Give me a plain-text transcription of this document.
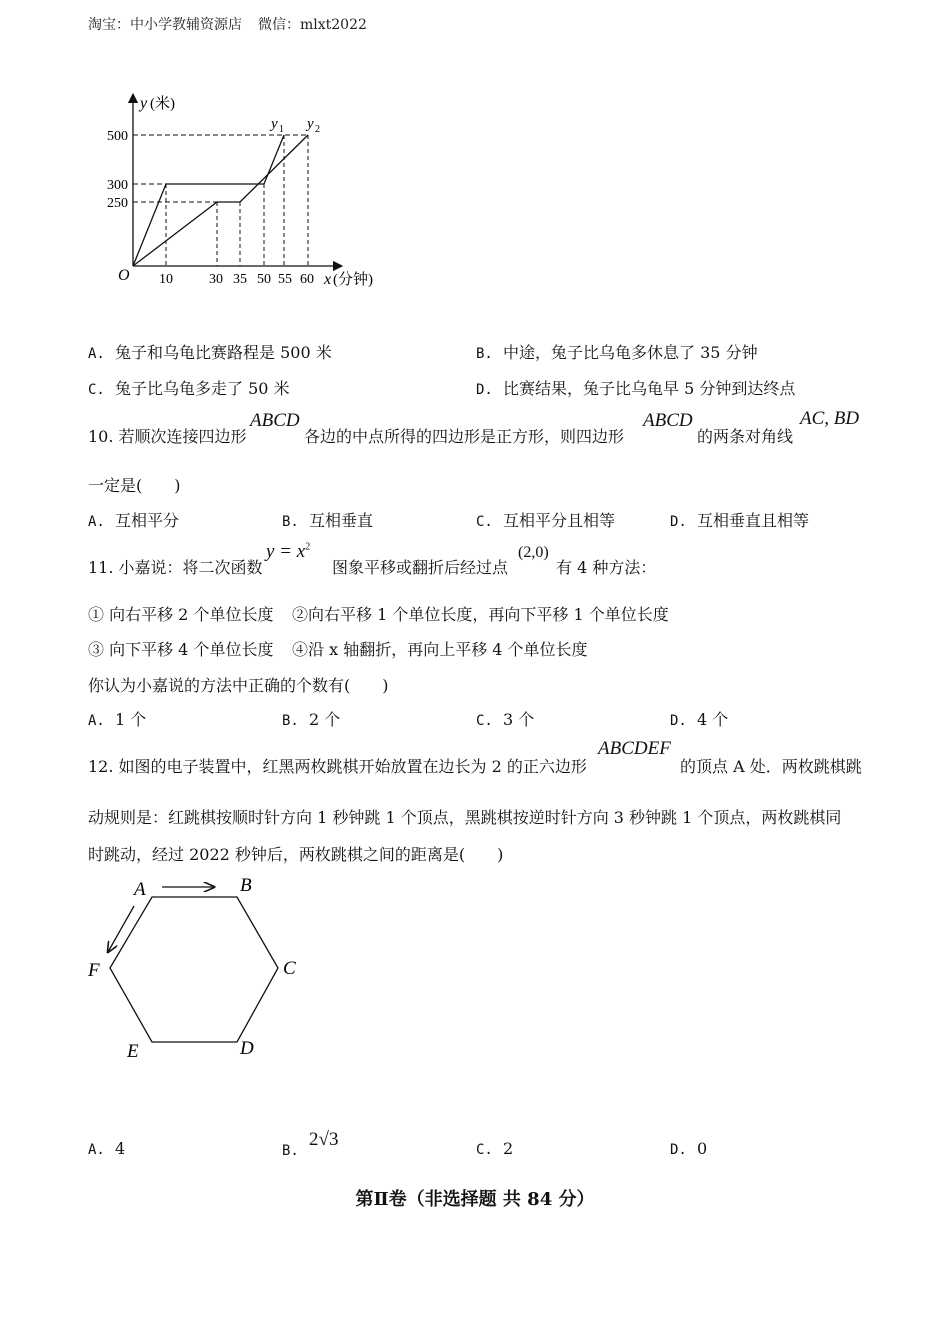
淘宝：中小学教辅资源店 微信：mlxt2022
y (米)
x (分钟)
O
500
300
250
10	30 35 50 55 60
y 1 y 2
A. 兔子和乌龟比赛路程是 500 米	B. 中途，兔子比乌龟多休息了 35 分钟
C. 兔子比乌龟多走了 50 米	D. 比赛结果，兔子比乌龟早 5 分钟到达终点
10. 若顺次连接四边形
ABCD
各边的中点所得的四边形是正方形，则四边形
ABCD
的两条对角线
AC, BD
一定是(　　)
A. 互相平分	B. 互相垂直	C. 互相平分且相等	D. 互相垂直且相等
11. 小嘉说：将二次函数
$y = x^2$
图象平移或翻折后经过点
(2,0)
有 4 种方法：
① 向右平移 2 个单位长度 ②向右平移 1 个单位长度，再向下平移 1 个单位长度
③ 向下平移 4 个单位长度 ④沿 x 轴翻折，再向上平移 4 个单位长度
你认为小嘉说的方法中正确的个数有(　　)
A. 1 个	B. 2 个	C. 3 个	D. 4 个
12. 如图的电子装置中，红黑两枚跳棋开始放置在边长为 2 的正六边形
ABCDEF
的顶点 A 处．两枚跳棋跳
动规则是：红跳棋按顺时针方向 1 秒钟跳 1 个顶点，黑跳棋按逆时针方向 3 秒钟跳 1 个顶点，两枚跳棋同
时跳动，经过 2022 秒钟后，两枚跳棋之间的距离是(　　)
A	B
C
D
E
F
A. 4	B.  2√3	C. 2	D. 0
第Ⅱ卷（非选择题 共 84 分）
